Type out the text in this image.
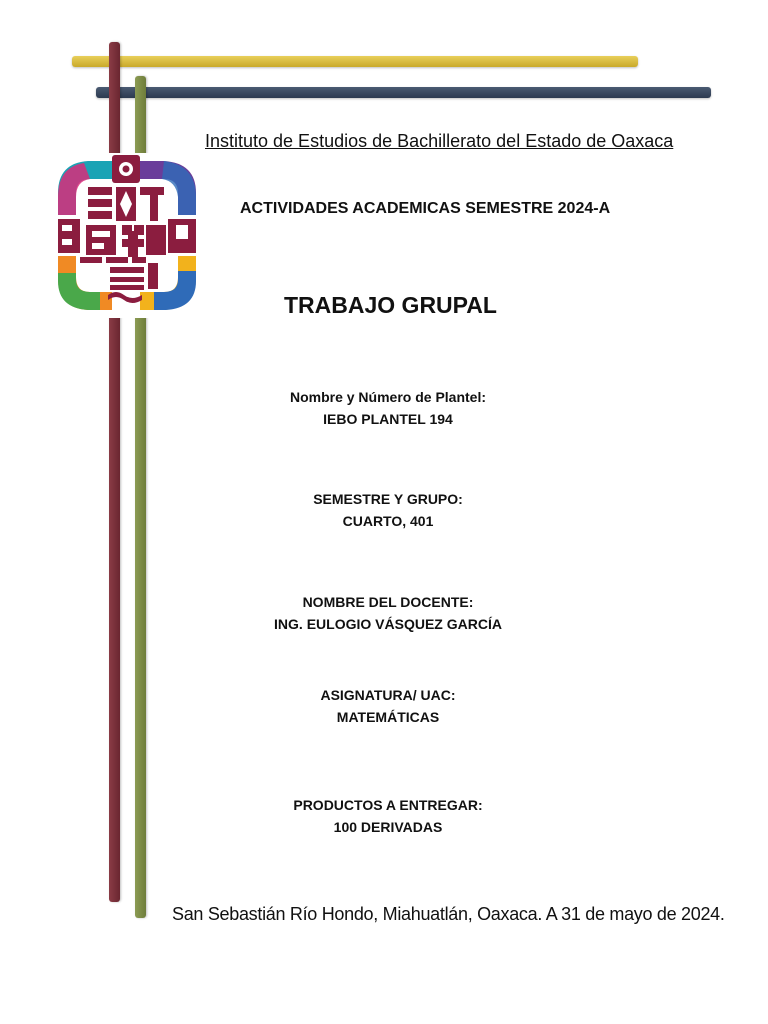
Instituto de Estudios de Bachillerato del Estado de Oaxaca
ACTIVIDADES ACADEMICAS SEMESTRE 2024-A
TRABAJO GRUPAL
Nombre y Número de Plantel:
IEBO PLANTEL 194
SEMESTRE Y GRUPO:
CUARTO, 401
NOMBRE DEL DOCENTE:
ING. EULOGIO VÁSQUEZ GARCÍA
ASIGNATURA/ UAC:
MATEMÁTICAS
PRODUCTOS A ENTREGAR:
100 DERIVADAS
San Sebastián Río Hondo, Miahuatlán, Oaxaca. A 31 de mayo de 2024.
